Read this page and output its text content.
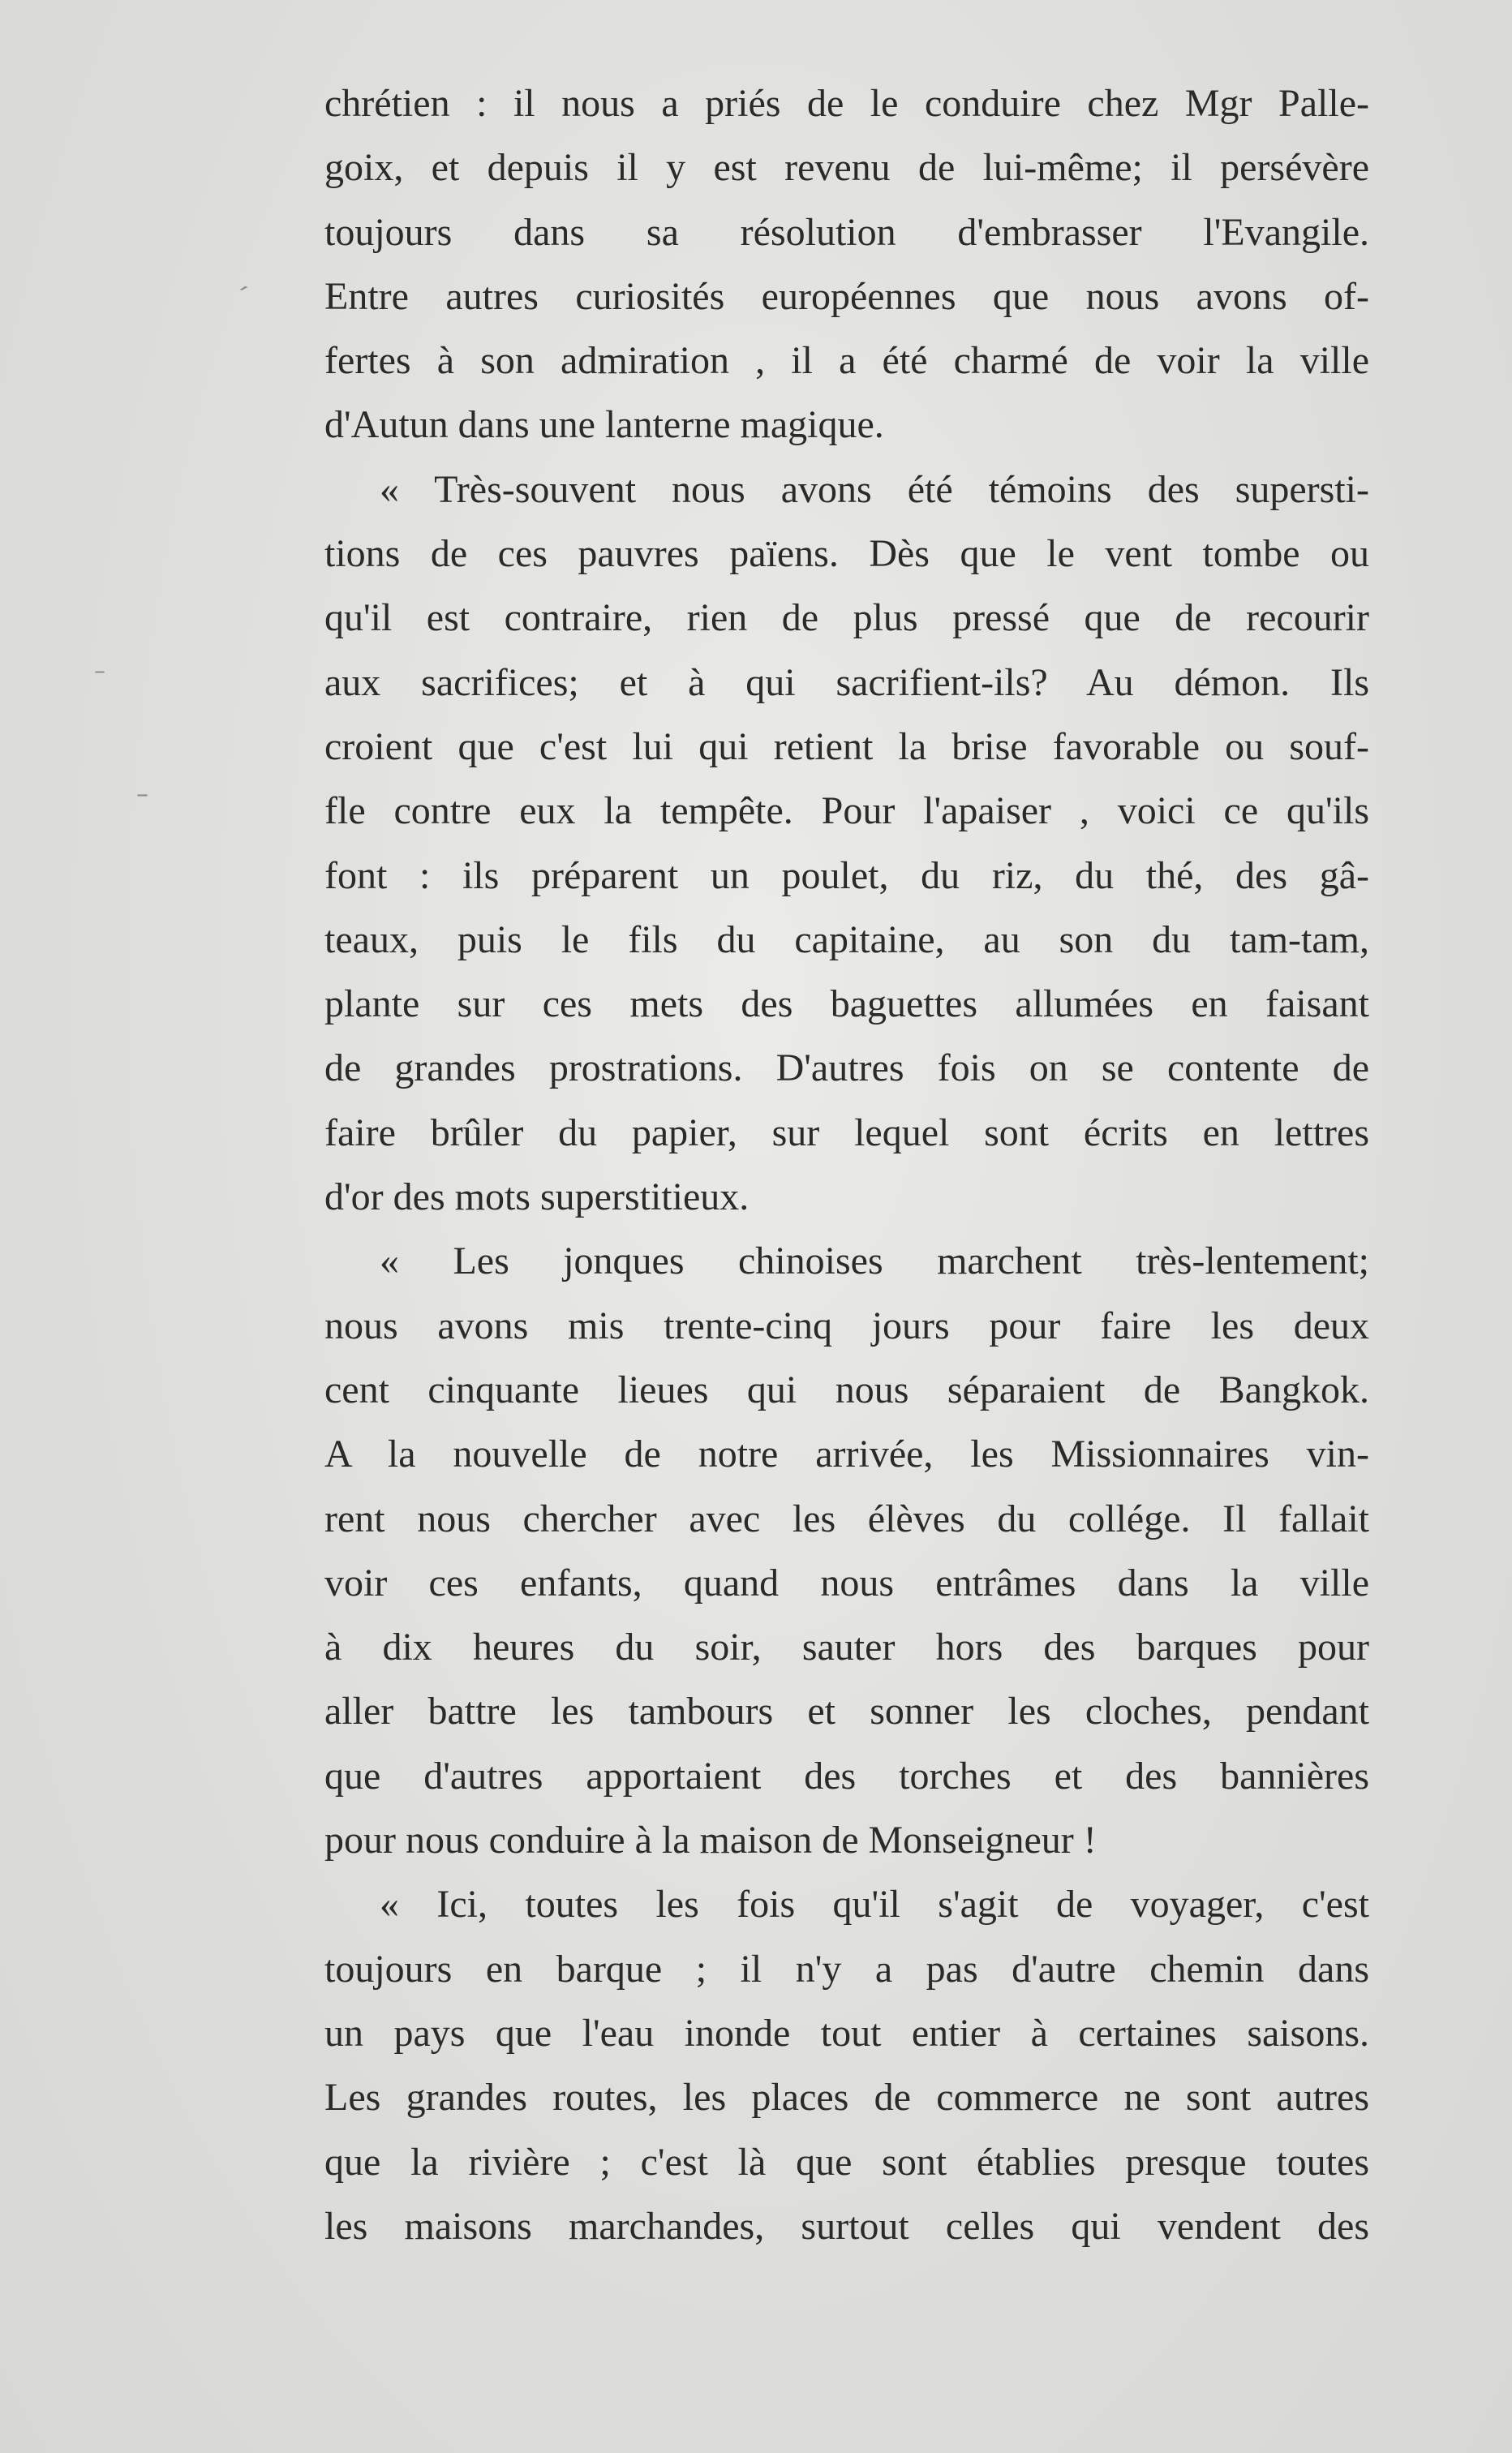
chrétien : il nous a priés de le conduire chez Mgr Palle-
goix, et depuis il y est revenu de lui-même; il persévère
toujours dans sa résolution d'embrasser l'Evangile.
Entre autres curiosités européennes que nous avons of-
fertes à son admiration , il a été charmé de voir la ville
d'Autun dans une lanterne magique.
« Très-souvent nous avons été témoins des supersti-
tions de ces pauvres païens. Dès que le vent tombe ou
qu'il est contraire, rien de plus pressé que de recourir
aux sacrifices; et à qui sacrifient-ils? Au démon. Ils
croient que c'est lui qui retient la brise favorable ou souf-
fle contre eux la tempête. Pour l'apaiser , voici ce qu'ils
font : ils préparent un poulet, du riz, du thé, des gâ-
teaux, puis le fils du capitaine, au son du tam-tam,
plante sur ces mets des baguettes allumées en faisant
de grandes prostrations. D'autres fois on se contente de
faire brûler du papier, sur lequel sont écrits en lettres
d'or des mots superstitieux.
« Les jonques chinoises marchent très-lentement;
nous avons mis trente-cinq jours pour faire les deux
cent cinquante lieues qui nous séparaient de Bangkok.
A la nouvelle de notre arrivée, les Missionnaires vin-
rent nous chercher avec les élèves du collége. Il fallait
voir ces enfants, quand nous entrâmes dans la ville
à dix heures du soir, sauter hors des barques pour
aller battre les tambours et sonner les cloches, pendant
que d'autres apportaient des torches et des bannières
pour nous conduire à la maison de Monseigneur !
« Ici, toutes les fois qu'il s'agit de voyager, c'est
toujours en barque ; il n'y a pas d'autre chemin dans
un pays que l'eau inonde tout entier à certaines saisons.
Les grandes routes, les places de commerce ne sont autres
que la rivière ; c'est là que sont établies presque toutes
les maisons marchandes, surtout celles qui vendent des
ˏ
–
–
